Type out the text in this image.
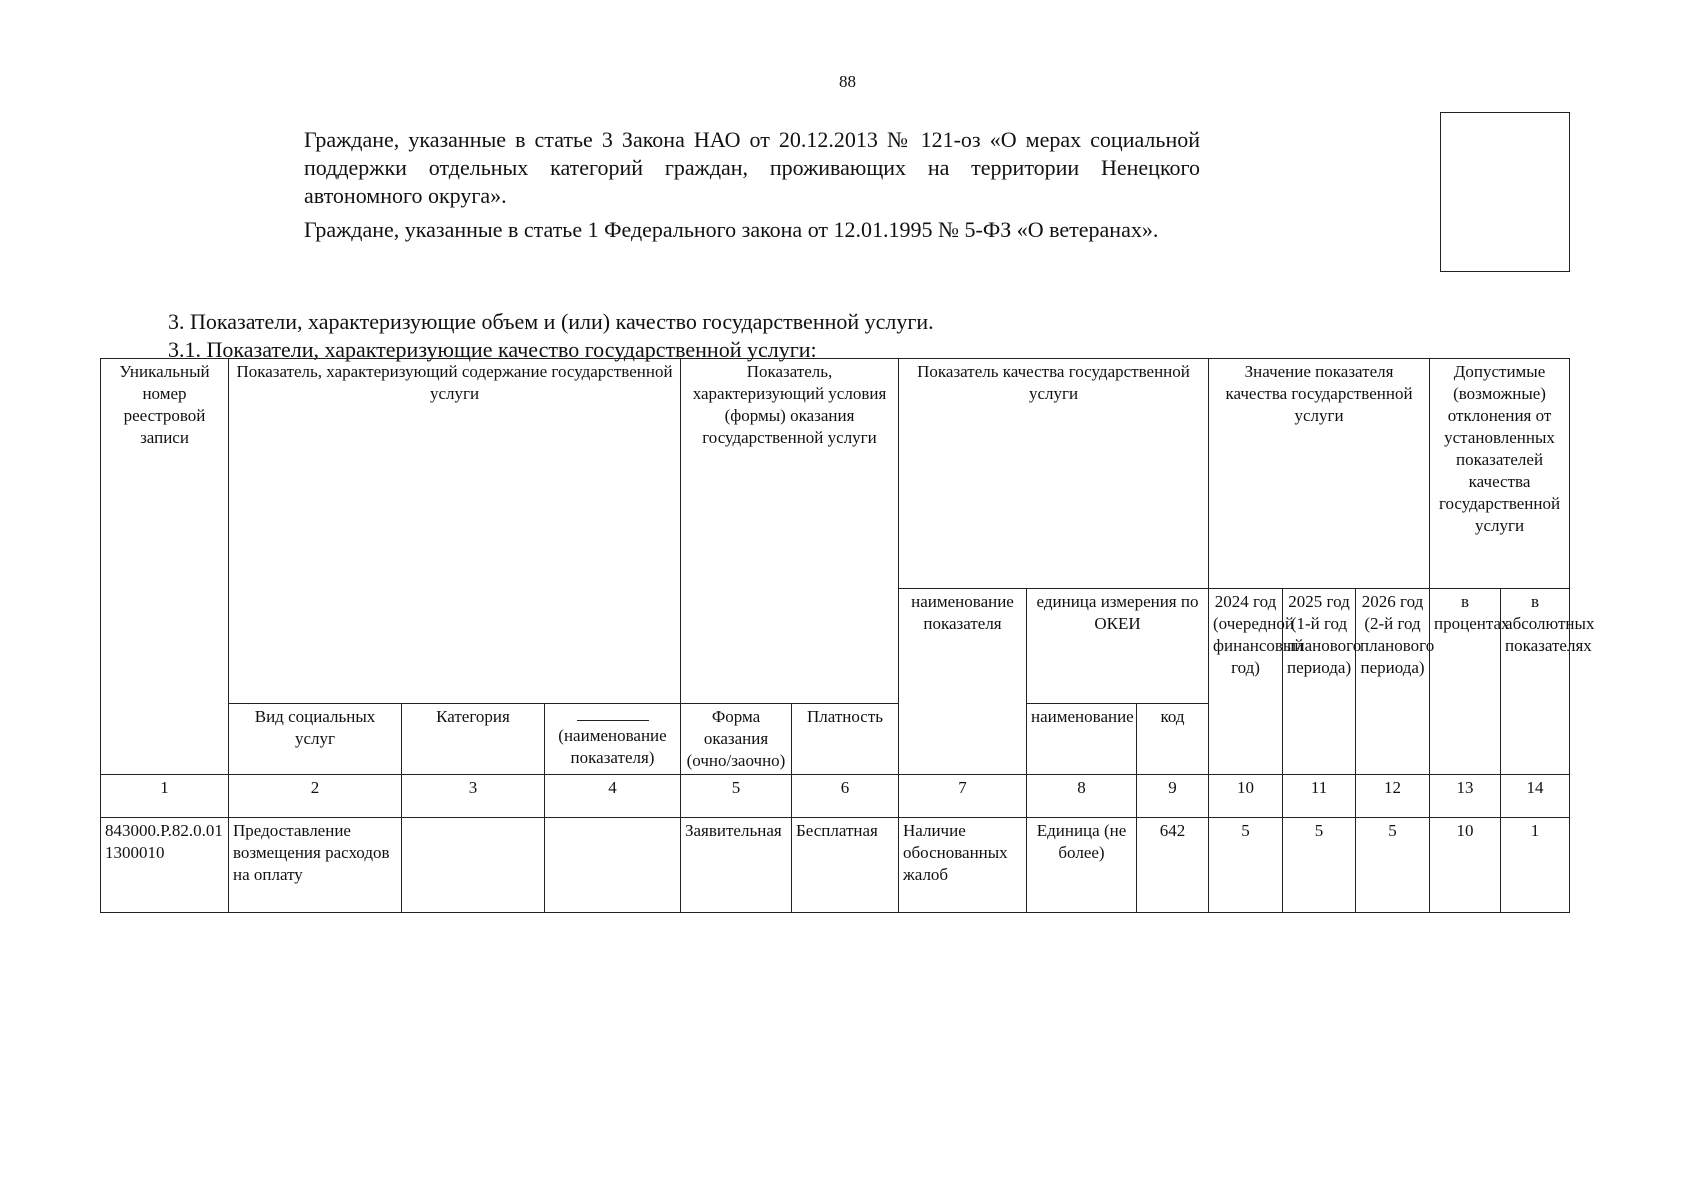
88

Граждане, указанные в статье 3 Закона НАО от 20.12.2013 № 121-оз «О мерах социальной поддержки отдельных категорий граждан, проживающих на территории Ненецкого автономного округа».

Граждане, указанные в статье 1 Федерального закона от 12.01.1995 № 5-ФЗ «О ветеранах».

3. Показатели, характеризующие объем и (или) качество государственной услуги.
3.1. Показатели, характеризующие качество государственной услуги:
Уникальный номер реестровой записи	Показатель, характеризующий содержание государственной услуги			Показатель, характеризующий условия (формы) оказания государственной услуги		Показатель качества государственной услуги			Значение показателя качества государственной услуги			Допустимые (возможные) отклонения от установленных показателей качества государственной услуги	
						наименование показателя	единица измерения по ОКЕИ		2024 год (очередной финансовый год)	2025 год (1-й год планового периода)	2026 год (2-й год планового периода)	в процентах	в абсолютных показателях
	Вид социальных услуг	Категория	(наименование показателя)	Форма оказания (очно/заочно)	Платность		наименование	код					
1	2	3	4	5	6	7	8	9	10	11	12	13	14
843000.Р.82.0.011300010	Предоставление возмещения расходов на оплату			Заявительная	Бесплатная	Наличие обоснованных жалоб	Единица (не более)	642	5	5	5	10	1
